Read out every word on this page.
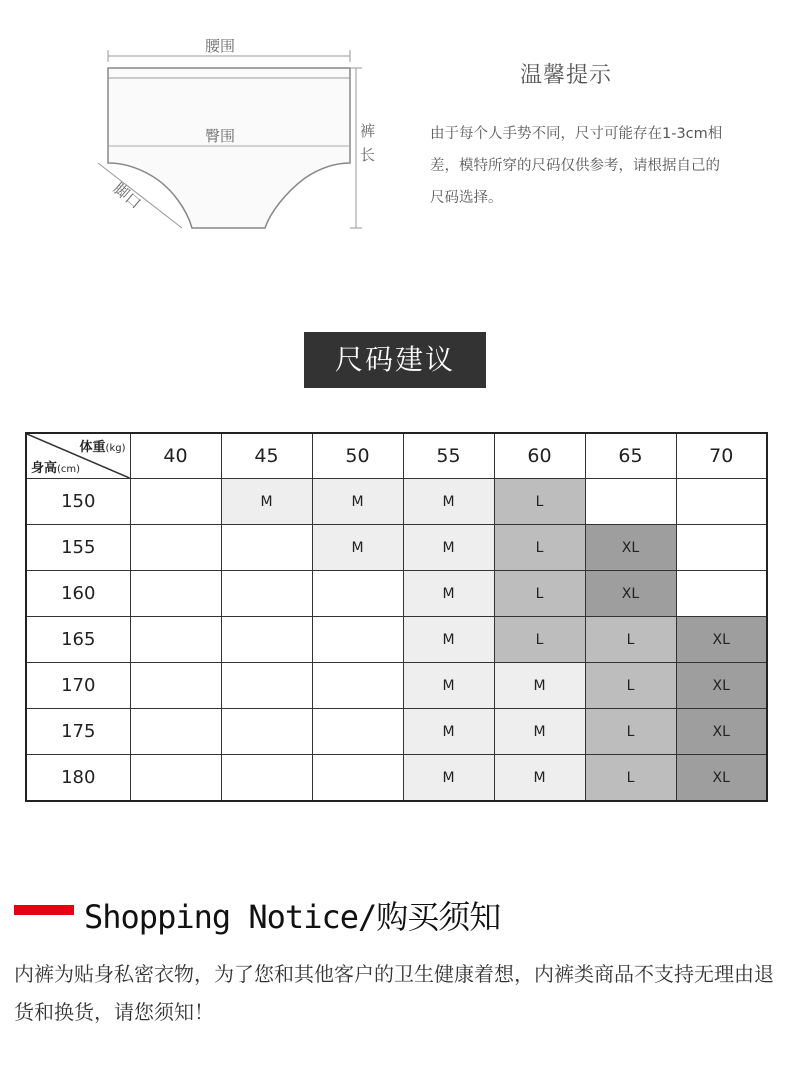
腰围
臀围	裤
长
脚口
温馨提示
由于每个人手势不同，尺寸可能存在1-3cm相差，模特所穿的尺码仅供参考，请根据自己的尺码选择。
尺码建议
体重(kg)
身高(cm)	40	45	50	55	60	65	70
150		M	M	M	L		
155			M	M	L	XL	
160				M	L	XL	
165				M	L	L	XL
170				M	M	L	XL
175				M	M	L	XL
180				M	M	L	XL
Shopping Notice/购买须知
内裤为贴身私密衣物，为了您和其他客户的卫生健康着想，内裤类商品不支持无理由退货和换货，请您须知！
